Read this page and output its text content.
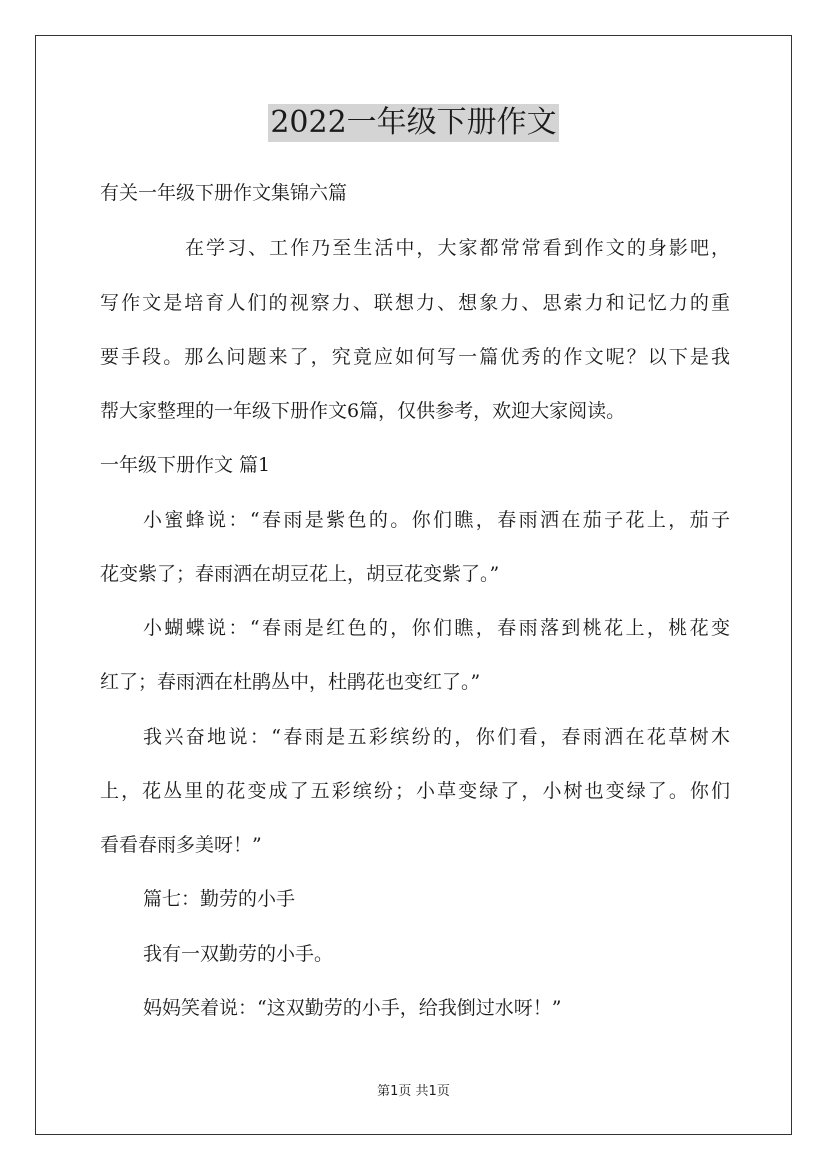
2022一年级下册作文
有关一年级下册作文集锦六篇
在学习、工作乃至生活中，大家都常常看到作文的身影吧，
写作文是培育人们的视察力、联想力、想象力、思索力和记忆力的重
要手段。那么问题来了，究竟应如何写一篇优秀的作文呢？以下是我
帮大家整理的一年级下册作文6篇，仅供参考，欢迎大家阅读。
一年级下册作文 篇1
小蜜蜂说：“春雨是紫色的。你们瞧，春雨洒在茄子花上，茄子
花变紫了；春雨洒在胡豆花上，胡豆花变紫了。”
小蝴蝶说：“春雨是红色的，你们瞧，春雨落到桃花上，桃花变
红了；春雨洒在杜鹃丛中，杜鹃花也变红了。”
我兴奋地说：“春雨是五彩缤纷的，你们看，春雨洒在花草树木
上，花丛里的花变成了五彩缤纷；小草变绿了，小树也变绿了。你们
看看春雨多美呀！”
篇七：勤劳的小手
我有一双勤劳的小手。
妈妈笑着说：“这双勤劳的小手，给我倒过水呀！”
第1页 共1页
